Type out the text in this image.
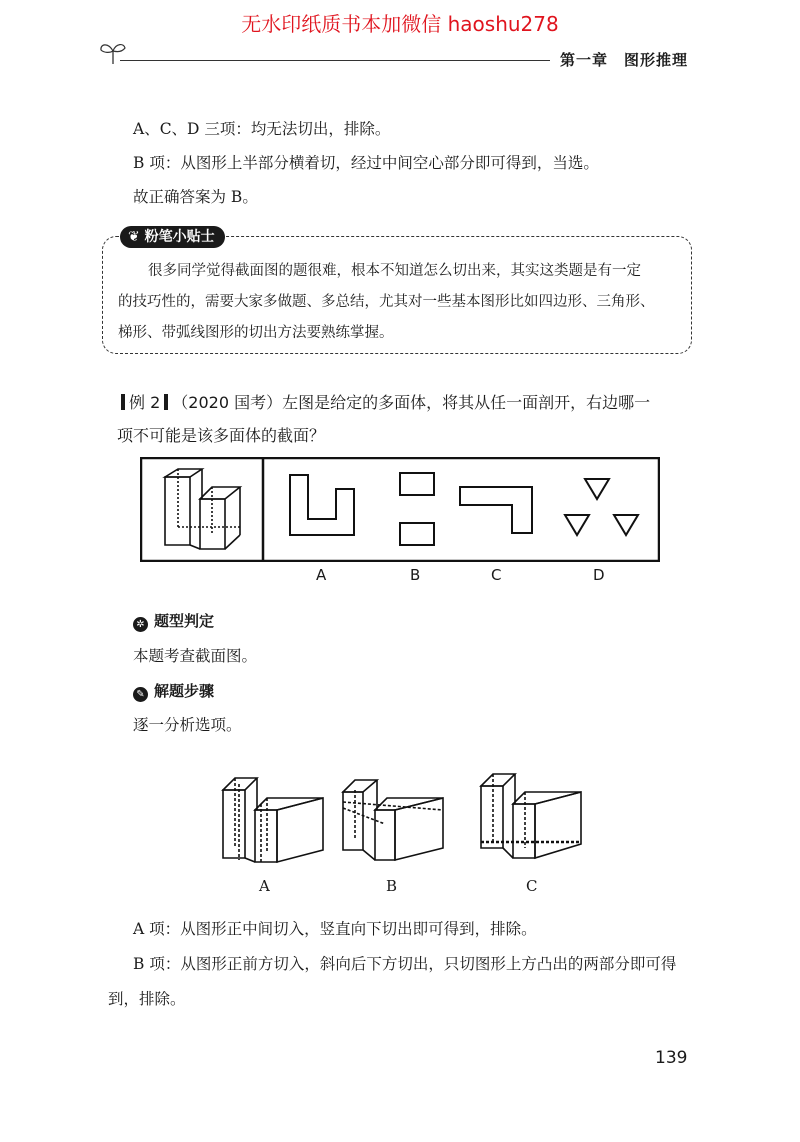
无水印纸质书本加微信 haoshu278
第一章　图形推理
A、C、D 三项：均无法切出，排除。
B 项：从图形上半部分横着切，经过中间空心部分即可得到，当选。
故正确答案为 B。
❦ 粉笔小贴士
很多同学觉得截面图的题很难，根本不知道怎么切出来，其实这类题是有一定
的技巧性的，需要大家多做题、多总结，尤其对一些基本图形比如四边形、三角形、
梯形、带弧线图形的切出方法要熟练掌握。
例 2 （2020 国考）左图是给定的多面体，将其从任一面剖开，右边哪一
项不可能是该多面体的截面？
A	B	C	D
✲ 题型判定
本题考查截面图。
✎ 解题步骤
逐一分析选项。
A	B	C
A 项：从图形正中间切入，竖直向下切出即可得到，排除。
B 项：从图形正前方切入，斜向后下方切出，只切图形上方凸出的两部分即可得
到，排除。
139
